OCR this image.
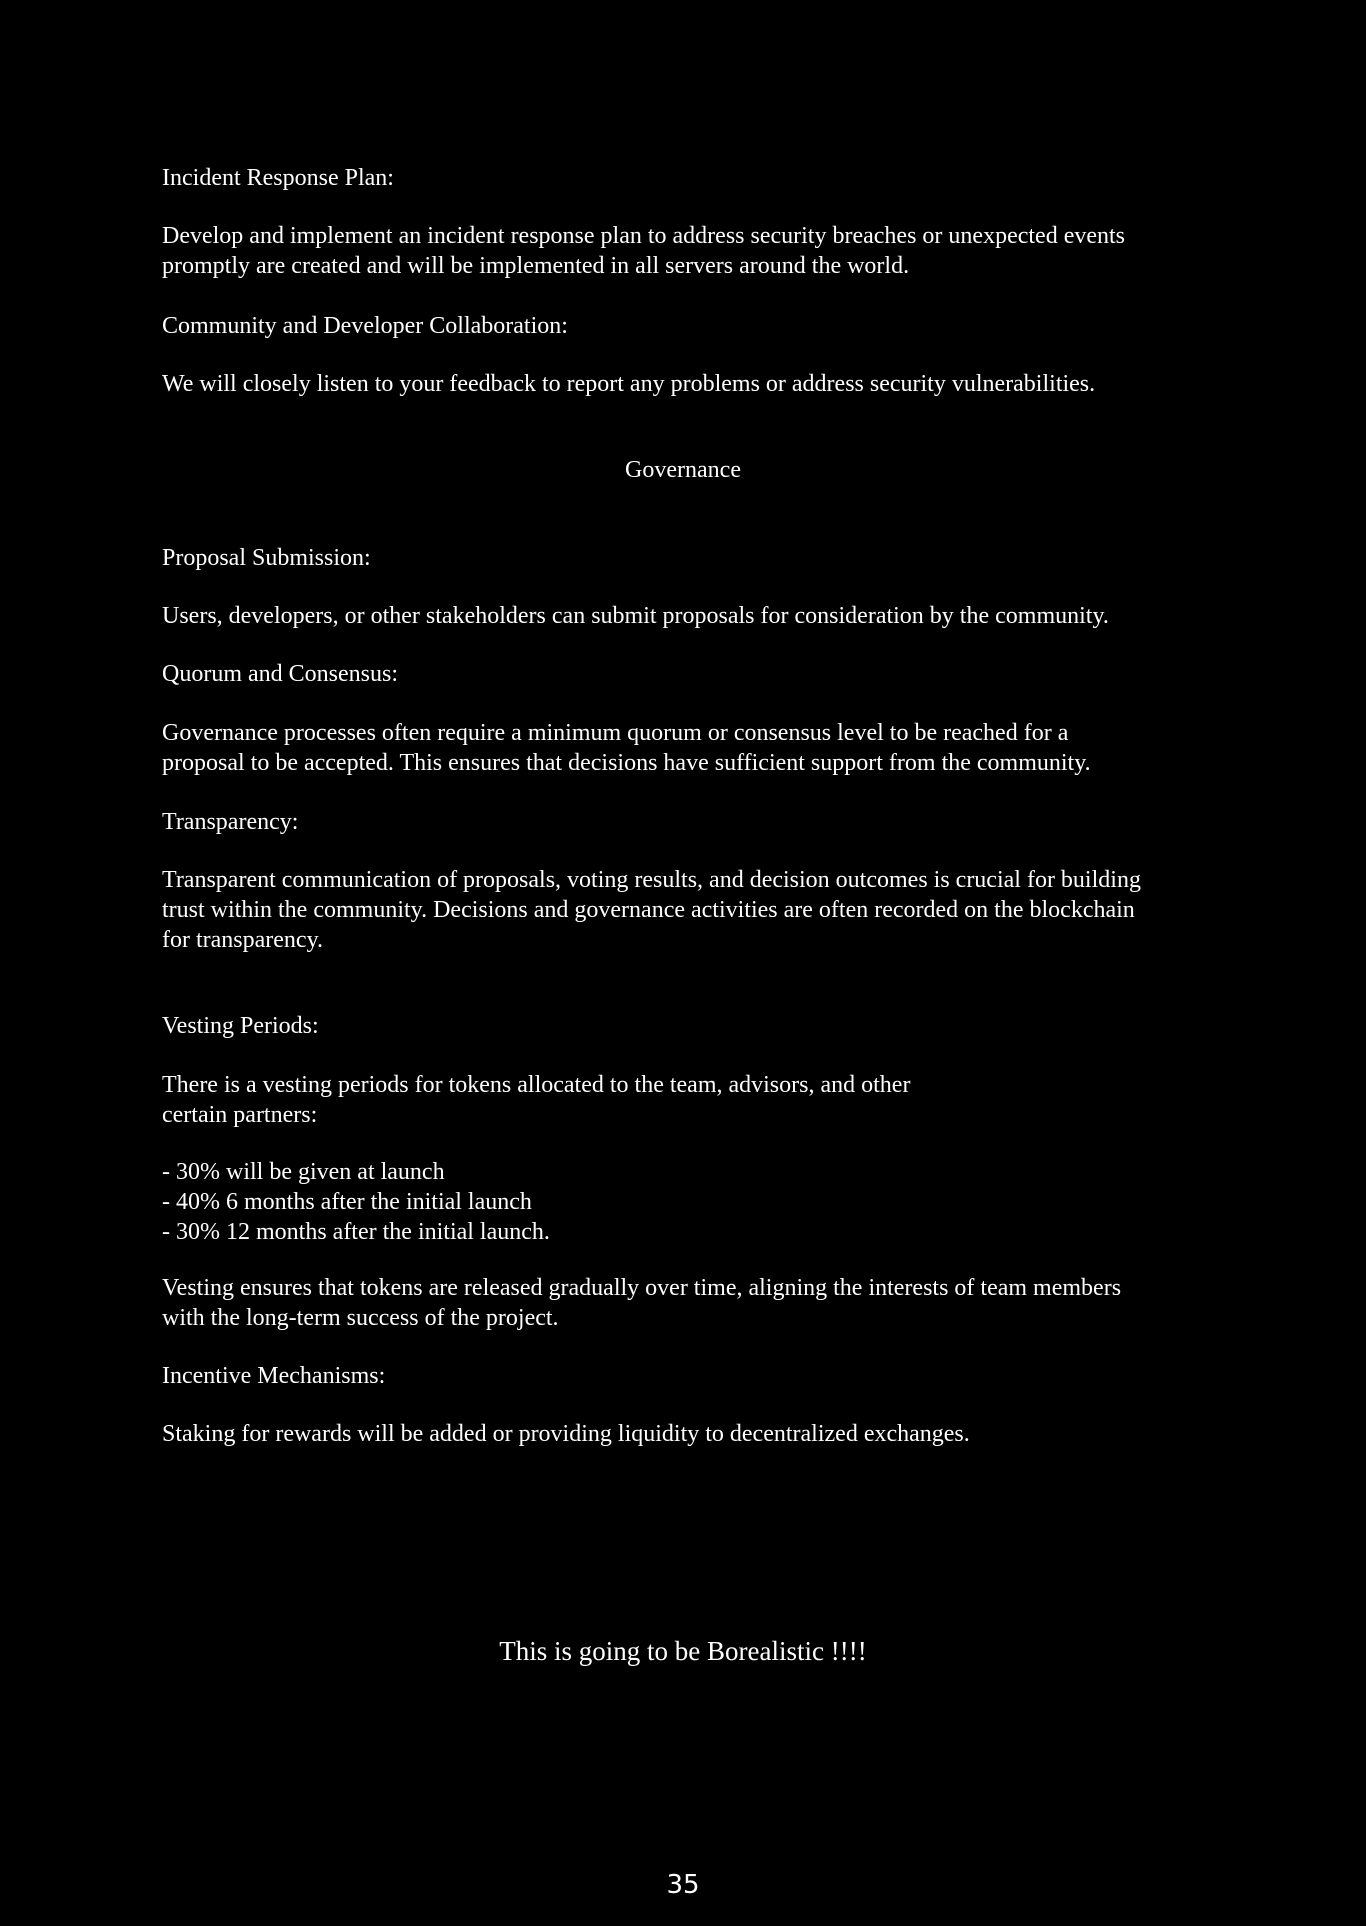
Incident Response Plan:
Develop and implement an incident response plan to address security breaches or unexpected events
promptly are created and will be implemented in all servers around the world.
Community and Developer Collaboration:
We will closely listen to your feedback to report any problems or address security vulnerabilities.
Governance
Proposal Submission:
Users, developers, or other stakeholders can submit proposals for consideration by the community.
Quorum and Consensus:
Governance processes often require a minimum quorum or consensus level to be reached for a
proposal to be accepted. This ensures that decisions have sufficient support from the community.
Transparency:
Transparent communication of proposals, voting results, and decision outcomes is crucial for building
trust within the community. Decisions and governance activities are often recorded on the blockchain
for transparency.
Vesting Periods:
There is a vesting periods for tokens allocated to the team, advisors, and other
certain partners:
- 30% will be given at launch
- 40% 6 months after the initial launch
- 30% 12 months after the initial launch.
Vesting ensures that tokens are released gradually over time, aligning the interests of team members
with the long-term success of the project.
Incentive Mechanisms:
Staking for rewards will be added or providing liquidity to decentralized exchanges.
This is going to be Borealistic !!!!
35
